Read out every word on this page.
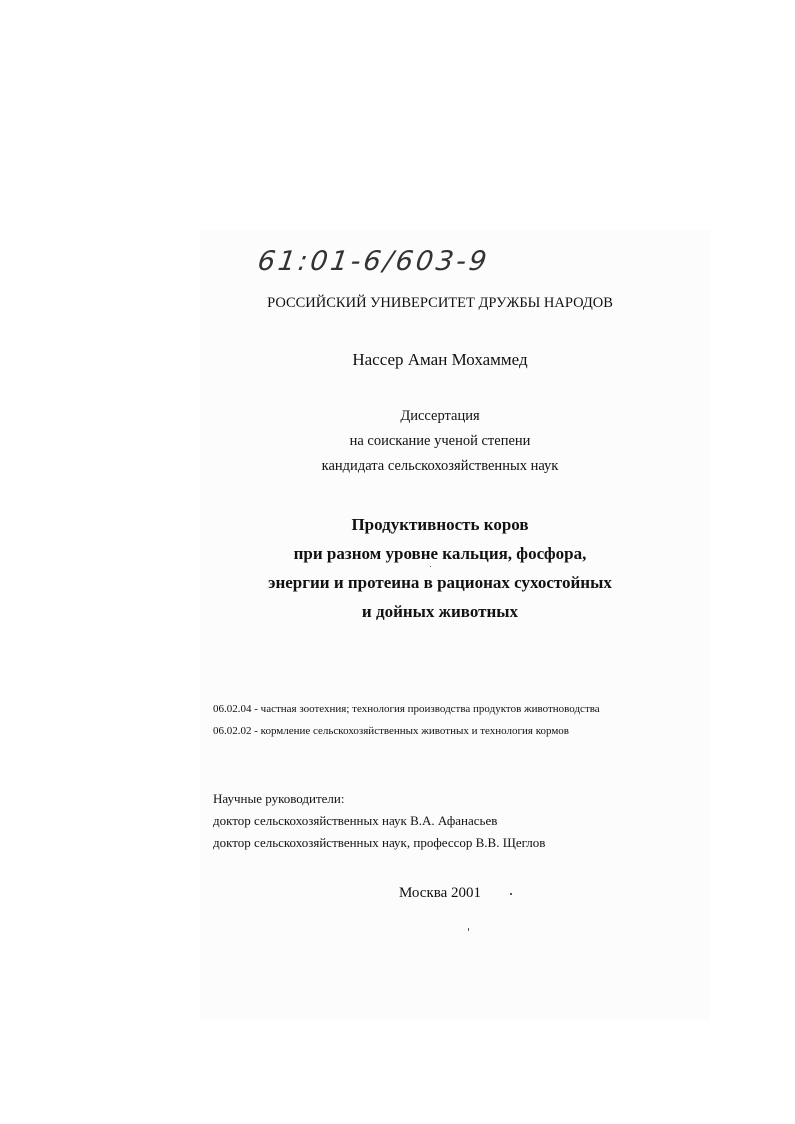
61:01-6/603-9
РОССИЙСКИЙ УНИВЕРСИТЕТ ДРУЖБЫ НАРОДОВ
Нассер Аман Мохаммед
Диссертация
на соискание ученой степени
кандидата сельскохозяйственных наук
Продуктивность коров
при разном уровне кальция, фосфора,
энергии и протеина в рационах сухостойных
и дойных животных
06.02.04 - частная зоотехния; технология производства продуктов животноводства
06.02.02 - кормление сельскохозяйственных животных и технология кормов
Научные руководители:
доктор сельскохозяйственных наук В.А. Афанасьев
доктор сельскохозяйственных наук, профессор В.В. Щеглов
Москва 2001
